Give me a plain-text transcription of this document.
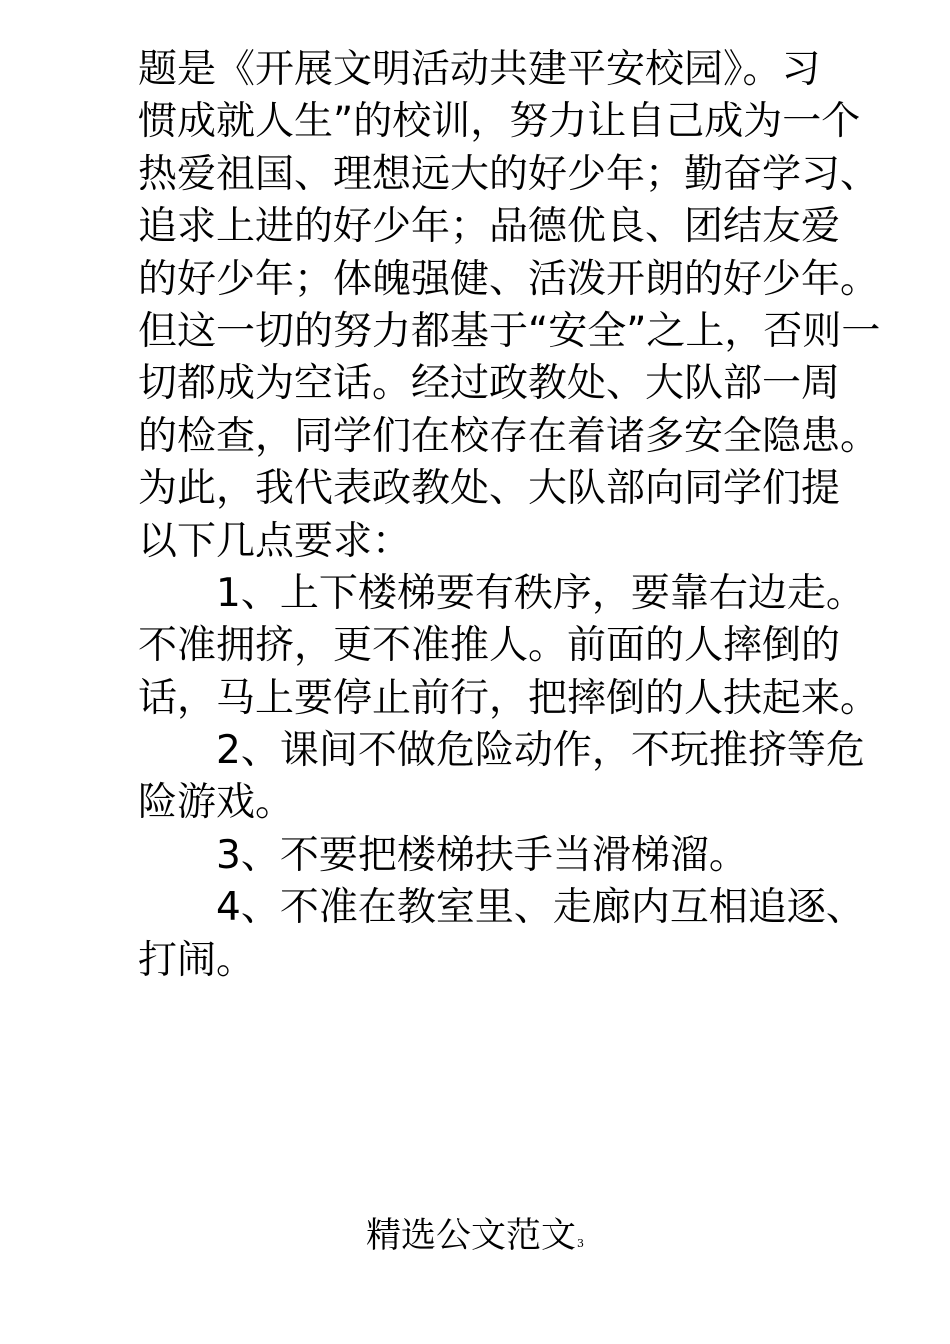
题是《开展文明活动共建平安校园》。习
惯成就人生”的校训，努力让自己成为一个
热爱祖国、理想远大的好少年；勤奋学习、
追求上进的好少年；品德优良、团结友爱
的好少年；体魄强健、活泼开朗的好少年。
但这一切的努力都基于“安全”之上，否则一
切都成为空话。经过政教处、大队部一周
的检查，同学们在校存在着诸多安全隐患。
为此，我代表政教处、大队部向同学们提
以下几点要求：
1、上下楼梯要有秩序，要靠右边走。
不准拥挤，更不准推人。前面的人摔倒的
话，马上要停止前行，把摔倒的人扶起来。
2、课间不做危险动作，不玩推挤等危
险游戏。
3、不要把楼梯扶手当滑梯溜。
4、不准在教室里、走廊内互相追逐、
打闹。
精选公文范文3
